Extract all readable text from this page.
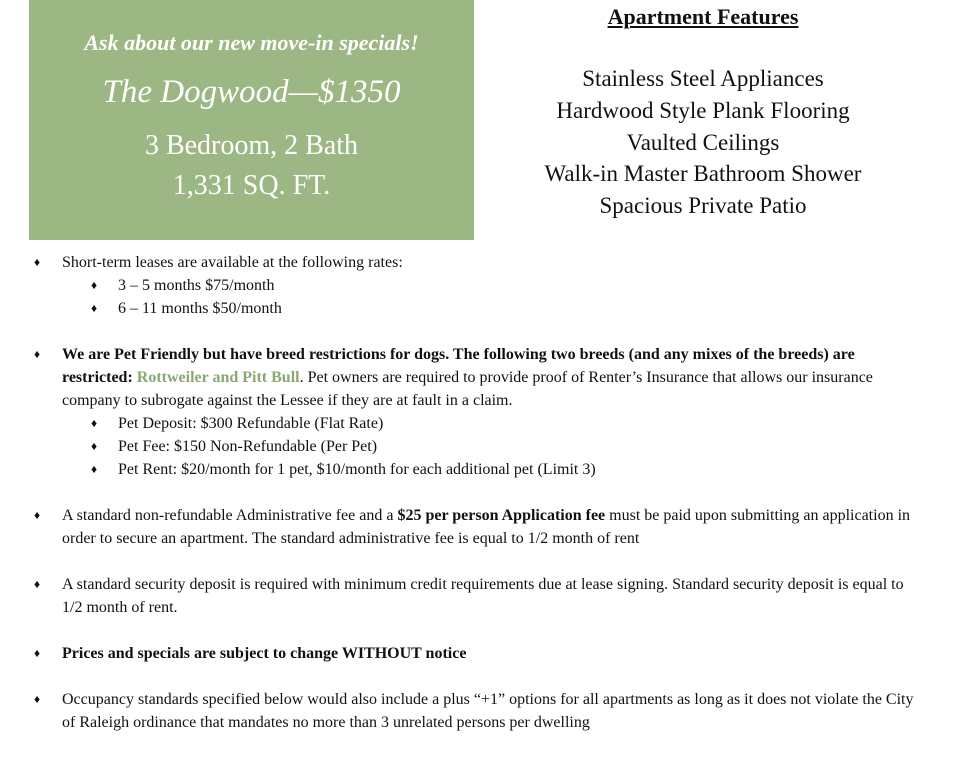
Ask about our new move-in specials!
The Dogwood—$1350
3 Bedroom, 2 Bath
1,331 SQ. FT.
Apartment Features
Stainless Steel Appliances
Hardwood Style Plank Flooring
Vaulted Ceilings
Walk-in Master Bathroom Shower
Spacious Private Patio
♦ Short-term leases are available at the following rates:
♦ 3 – 5 months $75/month
♦ 6 – 11 months $50/month
♦ We are Pet Friendly but have breed restrictions for dogs. The following two breeds (and any mixes of the breeds) are restricted: Rottweiler and Pitt Bull. Pet owners are required to provide proof of Renter’s Insurance that allows our insurance company to subrogate against the Lessee if they are at fault in a claim.
♦ Pet Deposit: $300 Refundable (Flat Rate)
♦ Pet Fee: $150 Non-Refundable (Per Pet)
♦ Pet Rent: $20/month for 1 pet, $10/month for each additional pet (Limit 3)
♦ A standard non-refundable Administrative fee and a $25 per person Application fee must be paid upon submitting an application in order to secure an apartment. The standard administrative fee is equal to 1/2 month of rent
♦ A standard security deposit is required with minimum credit requirements due at lease signing. Standard security deposit is equal to 1/2 month of rent.
♦ Prices and specials are subject to change WITHOUT notice
♦ Occupancy standards specified below would also include a plus “+1” options for all apartments as long as it does not violate the City of Raleigh ordinance that mandates no more than 3 unrelated persons per dwelling
